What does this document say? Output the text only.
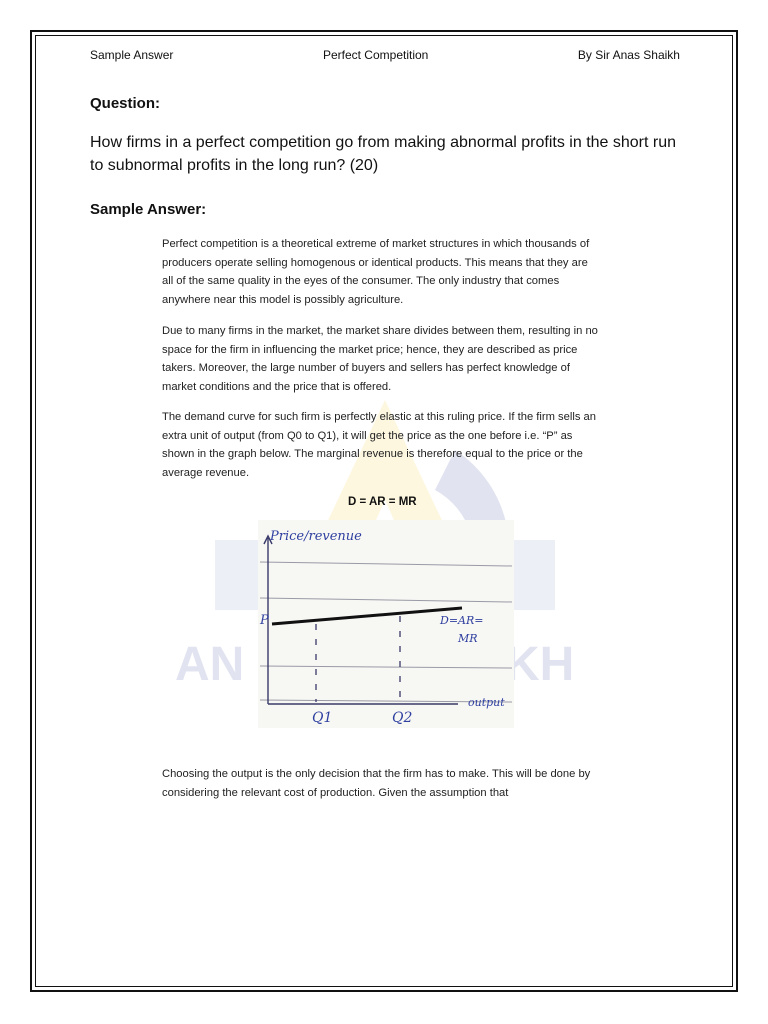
AN	KH
Sample Answer	Perfect Competition	By Sir Anas Shaikh
Question:
How firms in a perfect competition go from making abnormal profits in the short run to subnormal profits in the long run? (20)
Sample Answer:
Perfect competition is a theoretical extreme of market structures in which thousands of producers operate selling homogenous or identical products. This means that they are all of the same quality in the eyes of the consumer. The only industry that comes anywhere near this model is possibly agriculture.
Due to many firms in the market, the market share divides between them, resulting in no space for the firm in influencing the market price; hence, they are described as price takers. Moreover, the large number of buyers and sellers has perfect knowledge of market conditions and the price that is offered.
The demand curve for such firm is perfectly elastic at this ruling price. If the firm sells an extra unit of output (from Q0 to Q1), it will get the price as the one before i.e. “P” as shown in the graph below. The marginal revenue is therefore equal to the price or the average revenue.
D = AR = MR
Price/revenue
P	D=AR=
MR
Q1	Q2
output
Choosing the output is the only decision that the firm has to make. This will be done by considering the relevant cost of production. Given the assumption that
